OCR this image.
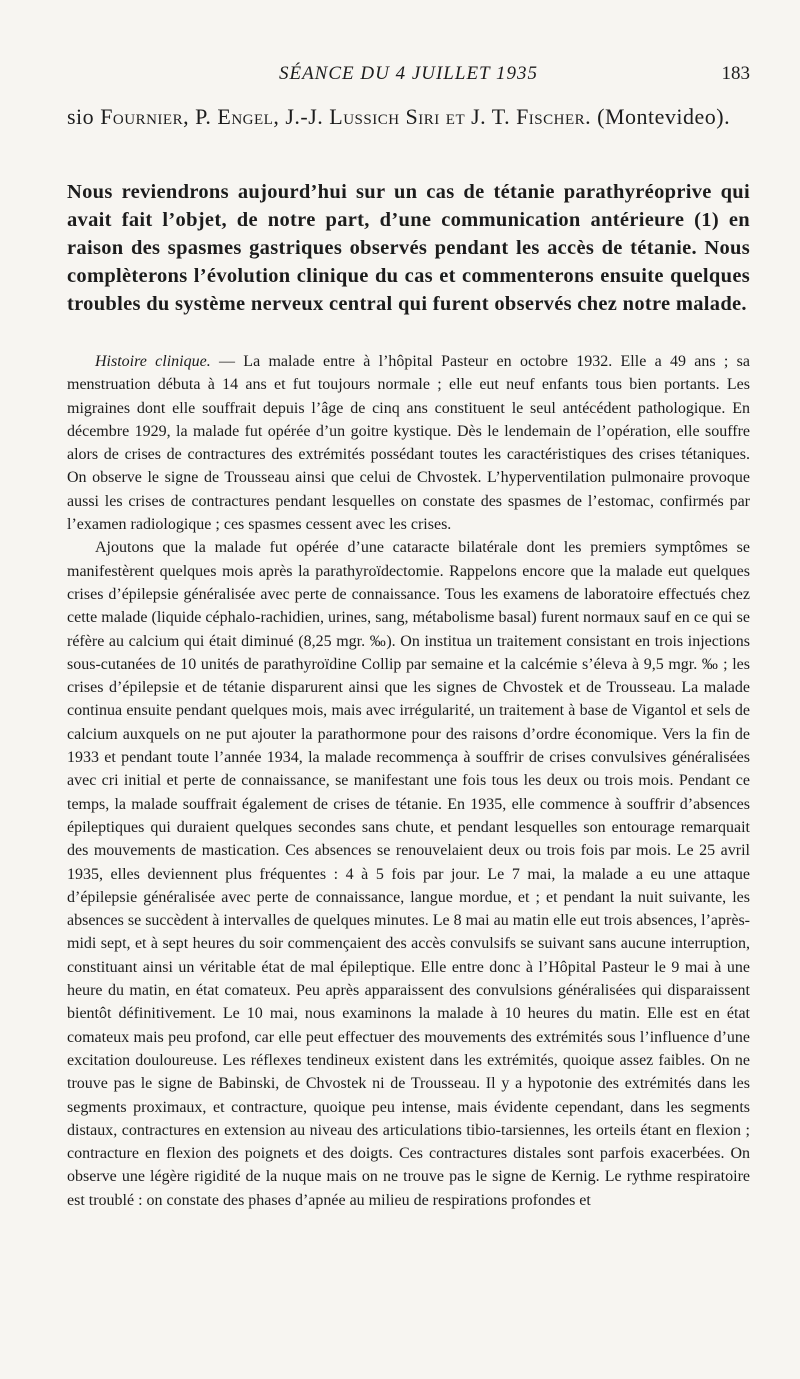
SÉANCE DU 4 JUILLET 1935	183
sio Fournier, P. Engel, J.-J. Lussich Siri et J. T. Fischer. (Montevideo).
Nous reviendrons aujourd’hui sur un cas de tétanie parathyréoprive qui avait fait l’objet, de notre part, d’une communication antérieure (1) en raison des spasmes gastriques observés pendant les accès de tétanie. Nous complèterons l’évolution clinique du cas et commenterons ensuite quelques troubles du système nerveux central qui furent observés chez notre malade.

Histoire clinique. — La malade entre à l’hôpital Pasteur en octobre 1932. Elle a 49 ans ; sa menstruation débuta à 14 ans et fut toujours normale ; elle eut neuf enfants tous bien portants. Les migraines dont elle souffrait depuis l’âge de cinq ans constituent le seul antécédent pathologique. En décembre 1929, la malade fut opérée d’un goitre kystique. Dès le lendemain de l’opération, elle souffre alors de crises de contractures des extrémités possédant toutes les caractéristiques des crises tétaniques. On observe le signe de Trousseau ainsi que celui de Chvostek. L’hyperventilation pulmonaire provoque aussi les crises de contractures pendant lesquelles on constate des spasmes de l’estomac, confirmés par l’examen radiologique ; ces spasmes cessent avec les crises.

Ajoutons que la malade fut opérée d’une cataracte bilatérale dont les premiers symptômes se manifestèrent quelques mois après la parathyroïdectomie. Rappelons encore que la malade eut quelques crises d’épilepsie généralisée avec perte de connaissance. Tous les examens de laboratoire effectués chez cette malade (liquide céphalo-rachidien, urines, sang, métabolisme basal) furent normaux sauf en ce qui se réfère au calcium qui était diminué (8,25 mgr. ‰). On institua un traitement consistant en trois injections sous-cutanées de 10 unités de parathyroïdine Collip par semaine et la calcémie s’éleva à 9,5 mgr. ‰ ; les crises d’épilepsie et de tétanie disparurent ainsi que les signes de Chvostek et de Trousseau. La malade continua ensuite pendant quelques mois, mais avec irrégularité, un traitement à base de Vigantol et sels de calcium auxquels on ne put ajouter la parathormone pour des raisons d’ordre économique. Vers la fin de 1933 et pendant toute l’année 1934, la malade recommença à souffrir de crises convulsives généralisées avec cri initial et perte de connaissance, se manifestant une fois tous les deux ou trois mois. Pendant ce temps, la malade souffrait également de crises de tétanie. En 1935, elle commence à souffrir d’absences épileptiques qui duraient quelques secondes sans chute, et pendant lesquelles son entourage remarquait des mouvements de mastication. Ces absences se renouvelaient deux ou trois fois par mois. Le 25 avril 1935, elles deviennent plus fréquentes : 4 à 5 fois par jour. Le 7 mai, la malade a eu une attaque d’épilepsie généralisée avec perte de connaissance, langue mordue, et ; et pendant la nuit suivante, les absences se succèdent à intervalles de quelques minutes. Le 8 mai au matin elle eut trois absences, l’après-midi sept, et à sept heures du soir commençaient des accès convulsifs se suivant sans aucune interruption, constituant ainsi un véritable état de mal épileptique. Elle entre donc à l’Hôpital Pasteur le 9 mai à une heure du matin, en état comateux. Peu après apparaissent des convulsions généralisées qui disparaissent bientôt définitivement. Le 10 mai, nous examinons la malade à 10 heures du matin. Elle est en état comateux mais peu profond, car elle peut effectuer des mouvements des extrémités sous l’influence d’une excitation douloureuse. Les réflexes tendineux existent dans les extrémités, quoique assez faibles. On ne trouve pas le signe de Babinski, de Chvostek ni de Trousseau. Il y a hypotonie des extrémités dans les segments proximaux, et contracture, quoique peu intense, mais évidente cependant, dans les segments distaux, contractures en extension au niveau des articulations tibio-tarsiennes, les orteils étant en flexion ; contracture en flexion des poignets et des doigts. Ces contractures distales sont parfois exacerbées. On observe une légère rigidité de la nuque mais on ne trouve pas le signe de Kernig. Le rythme respiratoire est troublé : on constate des phases d’apnée au milieu de respirations profondes et
